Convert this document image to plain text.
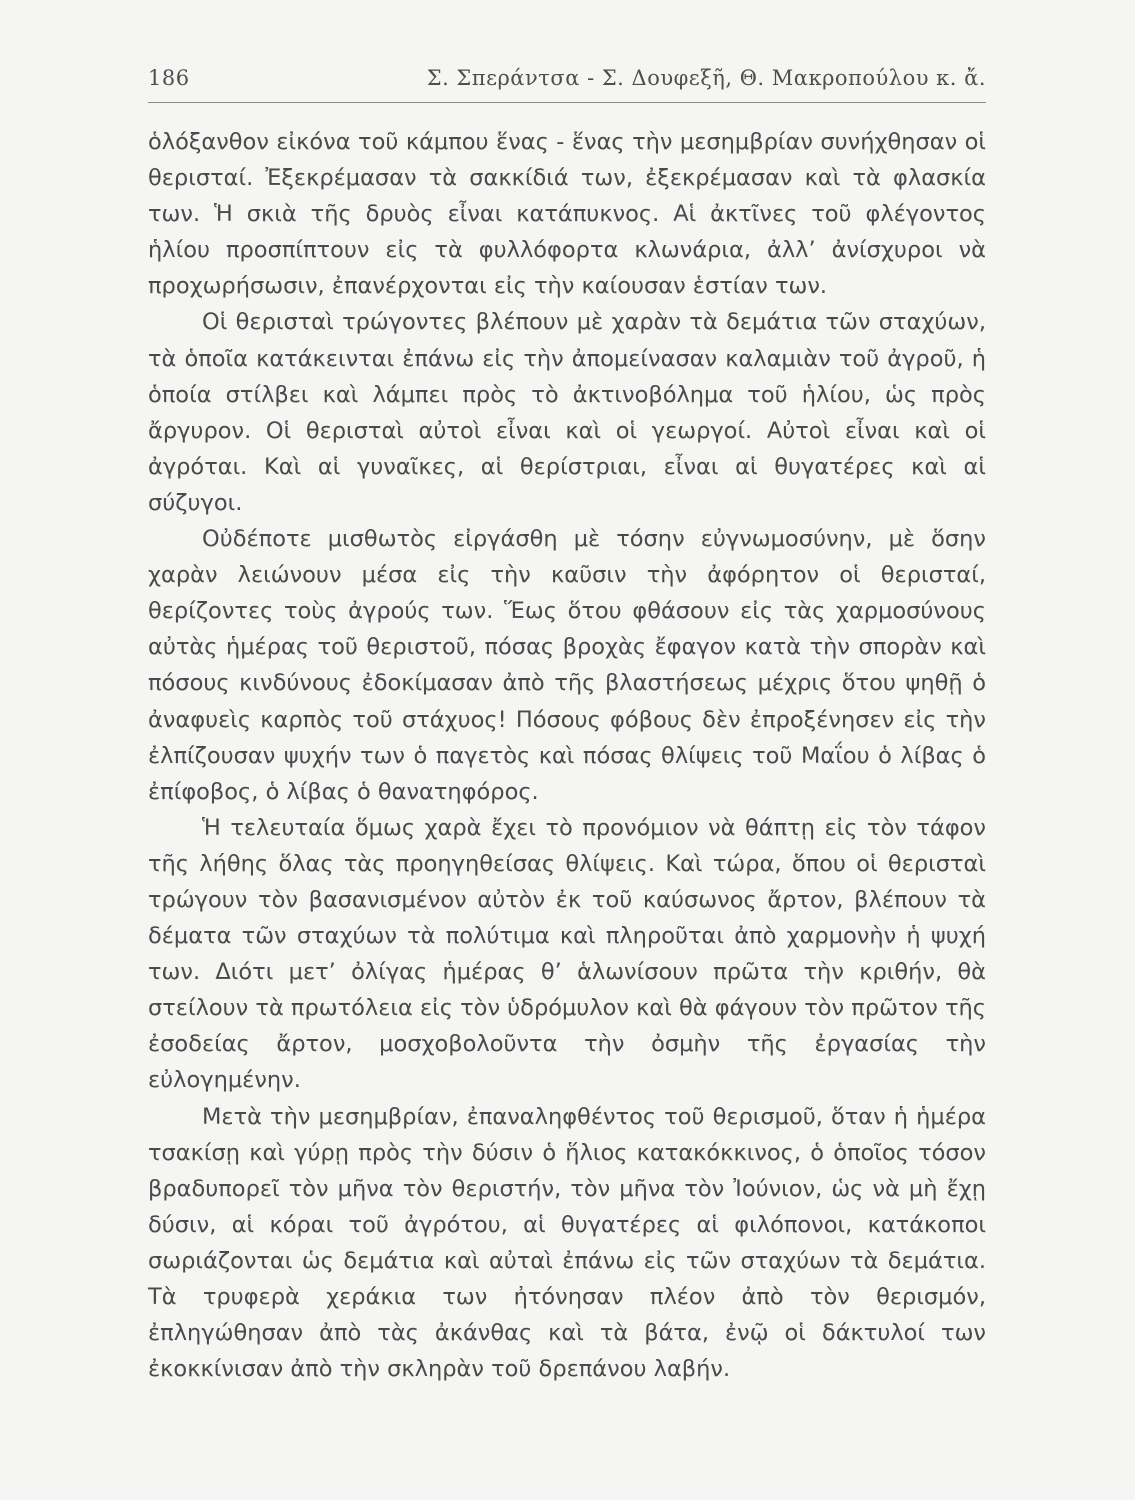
186	Σ. Σπεράντσα - Σ. Δουφεξῆ, Θ. Μακροπούλου κ. ἄ.

ὁλόξανθον εἰκόνα τοῦ κάμπου ἕνας - ἕνας τὴν μεσημβρίαν συνήχθησαν οἱ θερισταί. Ἐξεκρέμασαν τὰ σακκίδιά των, ἐξεκρέμασαν καὶ τὰ φλασκία των. Ἡ σκιὰ τῆς δρυὸς εἶναι κατάπυκνος. Αἱ ἀκτῖνες τοῦ φλέγοντος ἡλίου προσπίπτουν εἰς τὰ φυλλόφορτα κλωνάρια, ἀλλ’ ἀνίσχυροι νὰ προχωρήσωσιν, ἐπανέρχονται εἰς τὴν καίουσαν ἑστίαν των.

Οἱ θερισταὶ τρώγοντες βλέπουν μὲ χαρὰν τὰ δεμάτια τῶν σταχύων, τὰ ὁποῖα κατάκεινται ἐπάνω εἰς τὴν ἀπομείνασαν καλαμιὰν τοῦ ἀγροῦ, ἡ ὁποία στίλβει καὶ λάμπει πρὸς τὸ ἀκτινοβόλημα τοῦ ἡλίου, ὡς πρὸς ἄργυρον. Οἱ θερισταὶ αὐτοὶ εἶναι καὶ οἱ γεωργοί. Αὐτοὶ εἶναι καὶ οἱ ἀγρόται. Καὶ αἱ γυναῖκες, αἱ θερίστριαι, εἶναι αἱ θυγατέρες καὶ αἱ σύζυγοι.

Οὐδέποτε μισθωτὸς εἰργάσθη μὲ τόσην εὐγνωμοσύνην, μὲ ὅσην χαρὰν λειώνουν μέσα εἰς τὴν καῦσιν τὴν ἀφόρητον οἱ θερισταί, θερίζοντες τοὺς ἀγρούς των. Ἕως ὅτου φθάσουν εἰς τὰς χαρμοσύνους αὐτὰς ἡμέρας τοῦ θεριστοῦ, πόσας βροχὰς ἔφαγον κατὰ τὴν σπορὰν καὶ πόσους κινδύνους ἐδοκίμασαν ἀπὸ τῆς βλαστήσεως μέχρις ὅτου ψηθῇ ὁ ἀναφυεὶς καρπὸς τοῦ στάχυος! Πόσους φόβους δὲν ἐπροξένησεν εἰς τὴν ἐλπίζουσαν ψυχήν των ὁ παγετὸς καὶ πόσας θλίψεις τοῦ Μαΐου ὁ λίβας ὁ ἐπίφοβος, ὁ λίβας ὁ θανατηφόρος.

Ἡ τελευταία ὅμως χαρὰ ἔχει τὸ προνόμιον νὰ θάπτῃ εἰς τὸν τάφον τῆς λήθης ὅλας τὰς προηγηθείσας θλίψεις. Καὶ τώρα, ὅπου οἱ θερισταὶ τρώγουν τὸν βασανισμένον αὐτὸν ἐκ τοῦ καύσωνος ἄρτον, βλέπουν τὰ δέματα τῶν σταχύων τὰ πολύτιμα καὶ πληροῦται ἀπὸ χαρμονὴν ἡ ψυχή των. Διότι μετ’ ὀλίγας ἡμέρας θ’ ἁλωνίσουν πρῶτα τὴν κριθήν, θὰ στείλουν τὰ πρωτόλεια εἰς τὸν ὑδρόμυλον καὶ θὰ φάγουν τὸν πρῶτον τῆς ἐσοδείας ἄρτον, μοσχοβολοῦντα τὴν ὀσμὴν τῆς ἐργασίας τὴν εὐλογημένην.

Μετὰ τὴν μεσημβρίαν, ἐπαναληφθέντος τοῦ θερισμοῦ, ὅταν ἡ ἡμέρα τσακίσῃ καὶ γύρῃ πρὸς τὴν δύσιν ὁ ἥλιος κατακόκκινος, ὁ ὁποῖος τόσον βραδυπορεῖ τὸν μῆνα τὸν θεριστήν, τὸν μῆνα τὸν Ἰούνιον, ὡς νὰ μὴ ἔχῃ δύσιν, αἱ κόραι τοῦ ἀγρότου, αἱ θυγατέρες αἱ φιλόπονοι, κατάκοποι σωριάζονται ὡς δεμάτια καὶ αὐταὶ ἐπάνω εἰς τῶν σταχύων τὰ δεμάτια. Τὰ τρυφερὰ χεράκια των ἠτόνησαν πλέον ἀπὸ τὸν θερισμόν, ἐπληγώθησαν ἀπὸ τὰς ἀκάνθας καὶ τὰ βάτα, ἐνῷ οἱ δάκτυλοί των ἐκοκκίνισαν ἀπὸ τὴν σκληρὰν τοῦ δρεπάνου λαβήν.
